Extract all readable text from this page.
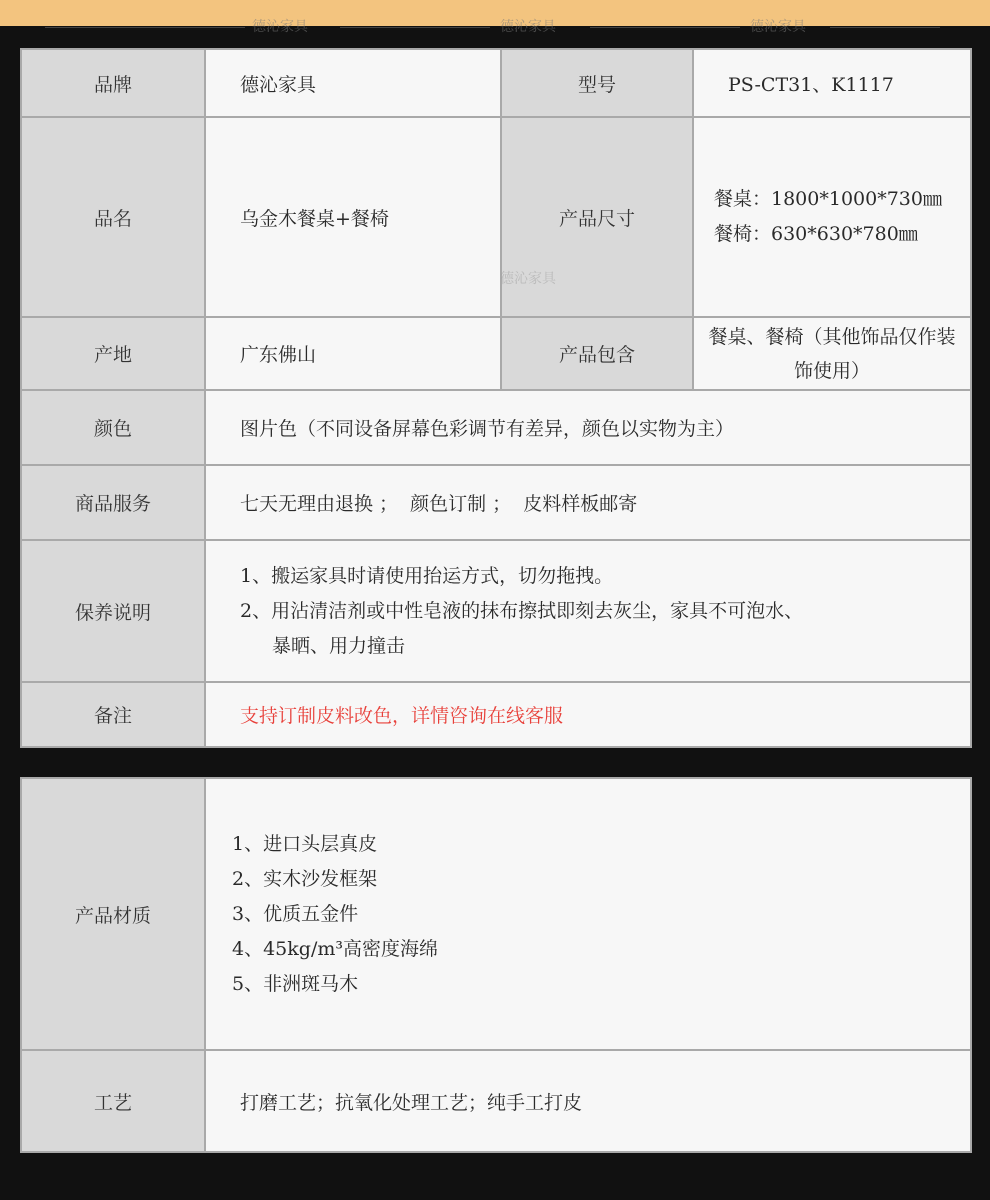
德沁家具	德沁家具	德沁家具
品牌	德沁家具	型号	PS-CT31、K1117
品名	乌金木餐桌+餐椅	产品尺寸	餐桌：1800*1000*730㎜
餐椅：630*630*780㎜

产地	广东佛山	产品包含	餐桌、餐椅（其他饰品仅作装
饰使用）

颜色	图片色（不同设备屏幕色彩调节有差异，颜色以实物为主）		
商品服务	七天无理由退换 ；  颜色订制 ；  皮料样板邮寄		
保养说明	1、搬运家具时请使用抬运方式，切勿拖拽。
2、用沾清洁剂或中性皂液的抹布擦拭即刻去灰尘，家具不可泡水、
暴晒、用力撞击		

备注	支持订制皮料改色，详情咨询在线客服		
德沁家具
产品材质	1、进口头层真皮
2、实木沙发框架
3、优质五金件
4、45kg/m³高密度海绵
5、非洲斑马木

工艺	打磨工艺；抗氧化处理工艺；纯手工打皮
